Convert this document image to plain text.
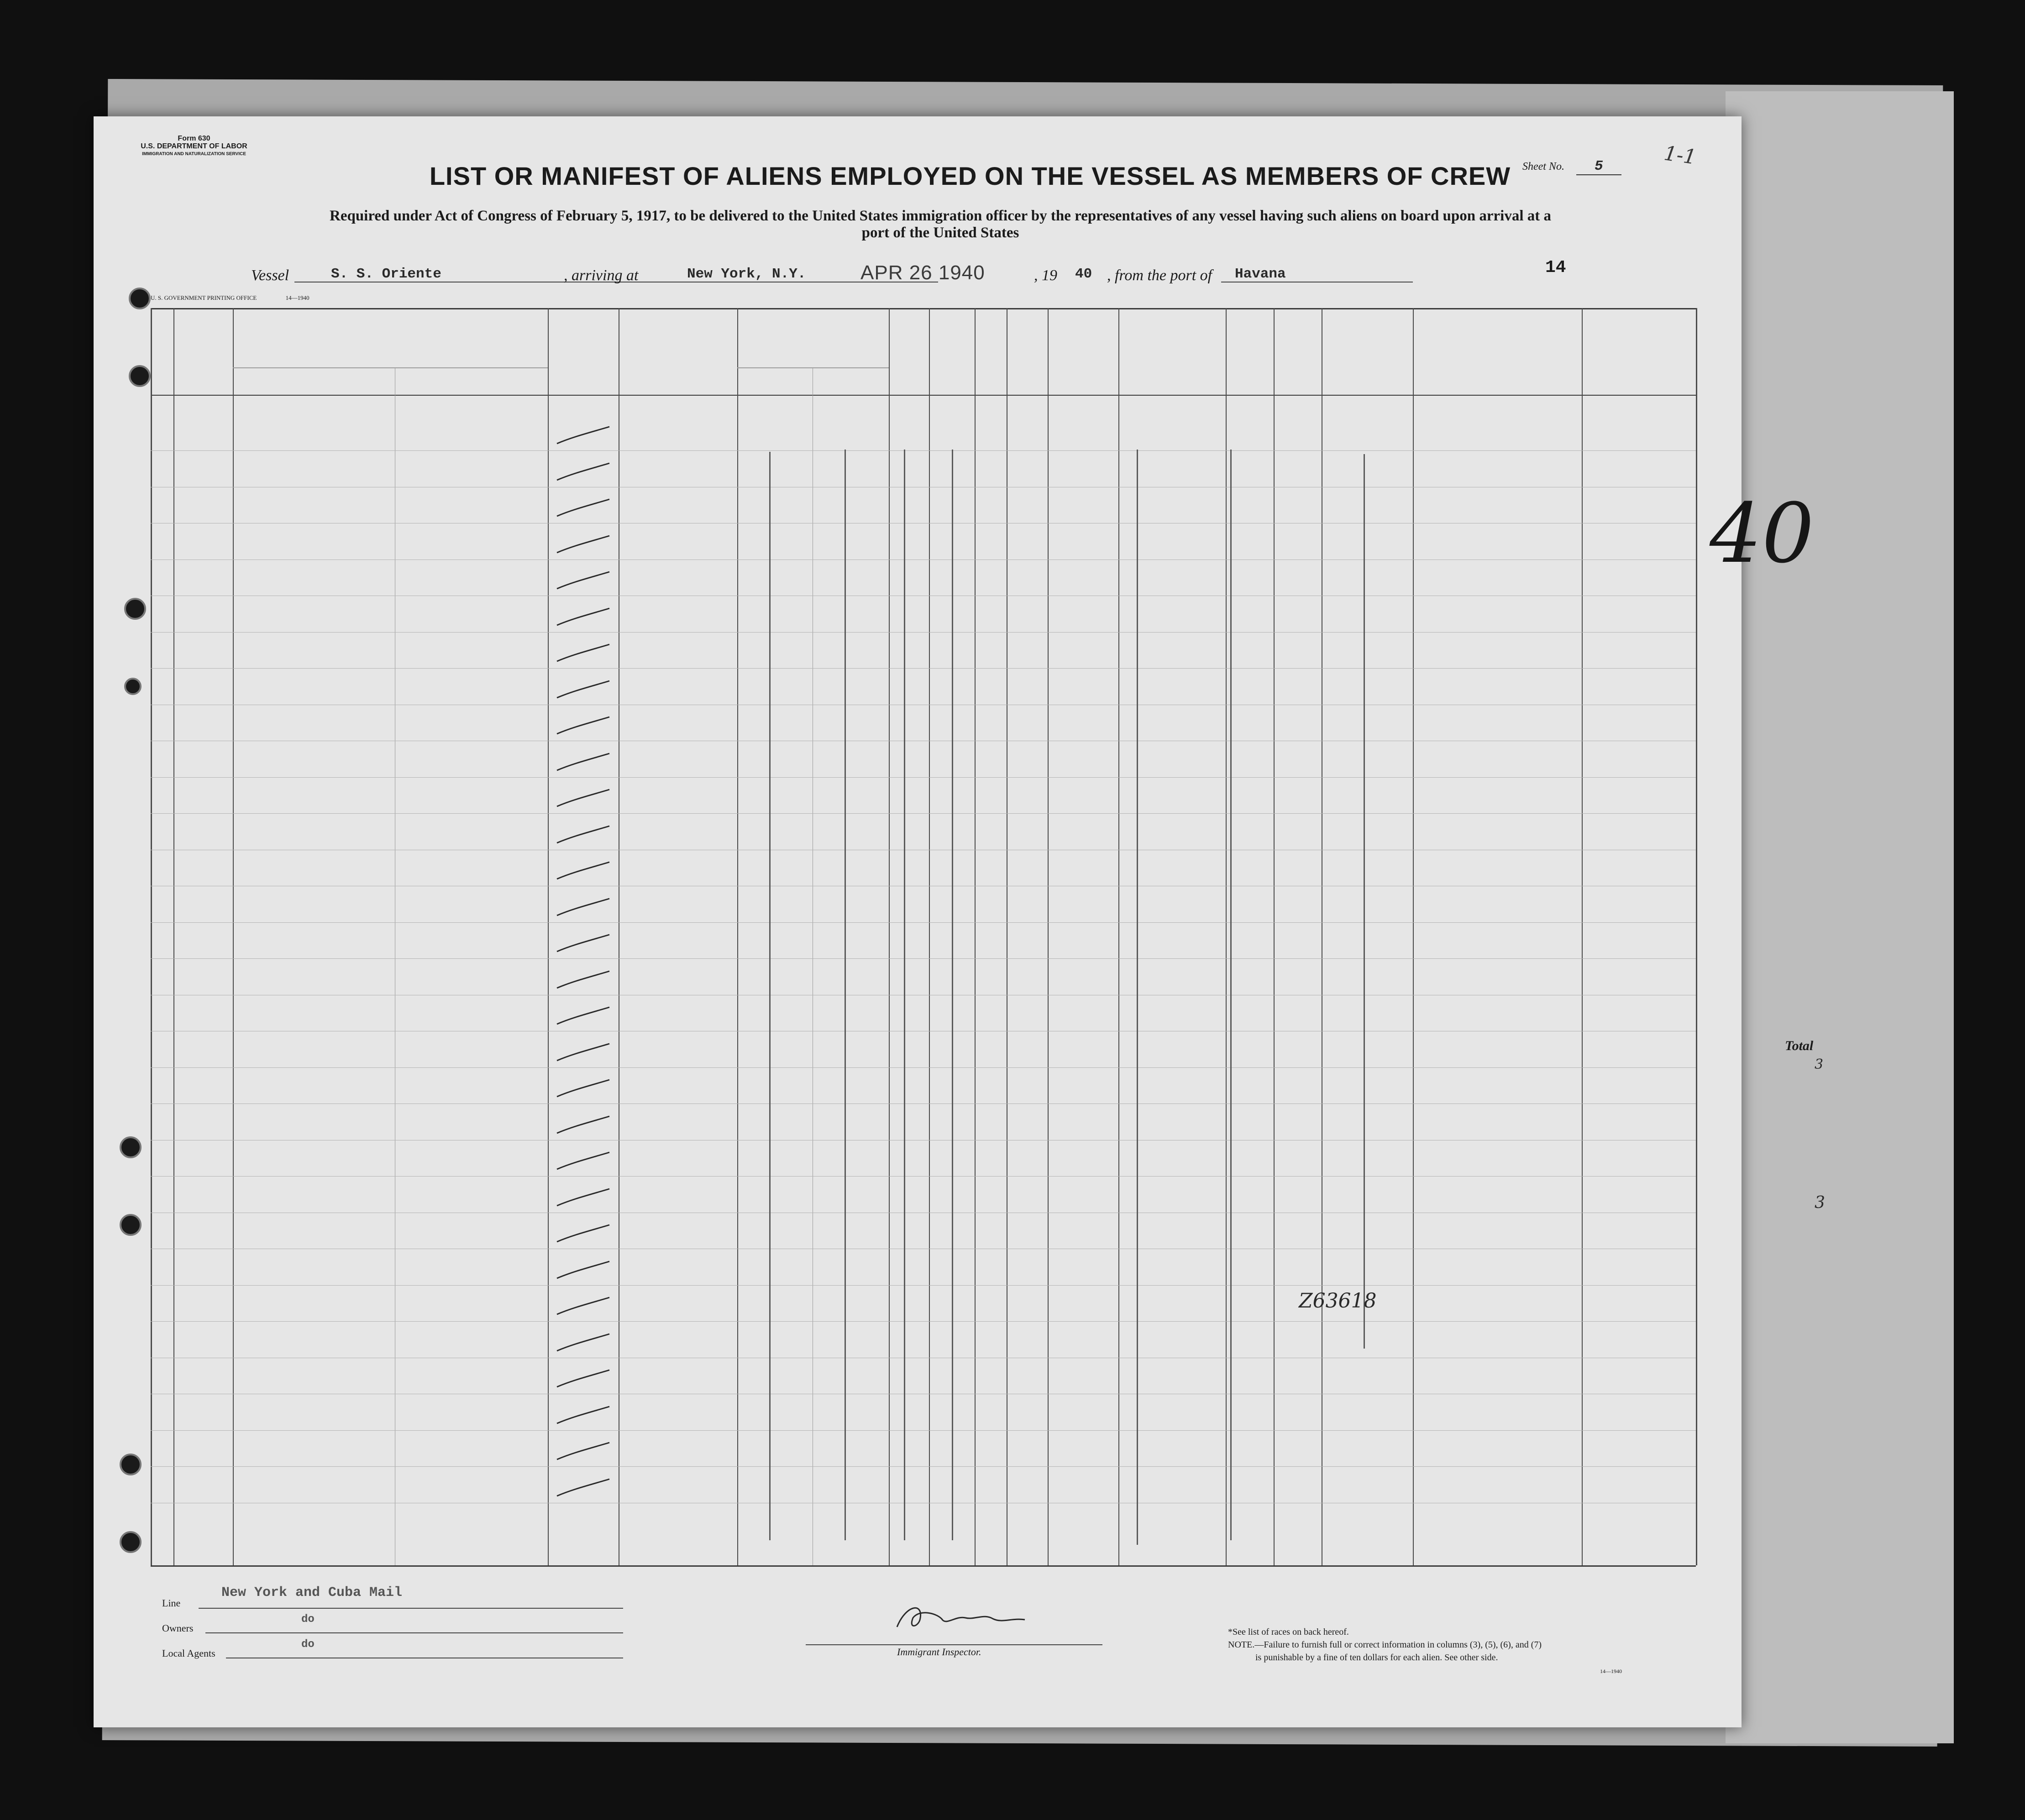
Form 630
U.S. DEPARTMENT OF LABOR
IMMIGRATION AND NATURALIZATION SERVICE
LIST OR MANIFEST OF ALIENS EMPLOYED ON THE VESSEL AS MEMBERS OF CREW	Sheet No. 5
Required under Act of Congress of February 5, 1917, to be delivered to the United States immigration officer by the representatives of any vessel having such aliens on board upon arrival at a
port of the United States
Vessel	S. S. Oriente	, arriving at	New York, N.Y.	APR 26 1940	, 19 40 , from the port of Havana	14
U. S. GOVERNMENT PRINTING OFFICE	14—1940
Z63618
1-1
40
Line
New York and Cuba Mail
Owners
do
Local Agents
do
Immigrant Inspector.
*See list of races on back hereof.
NOTE.—Failure to furnish full or correct information in columns (3), (5), (6), and (7)
is punishable by a fine of ten dollars for each alien. See other side.
14—1940
Total
3
3
